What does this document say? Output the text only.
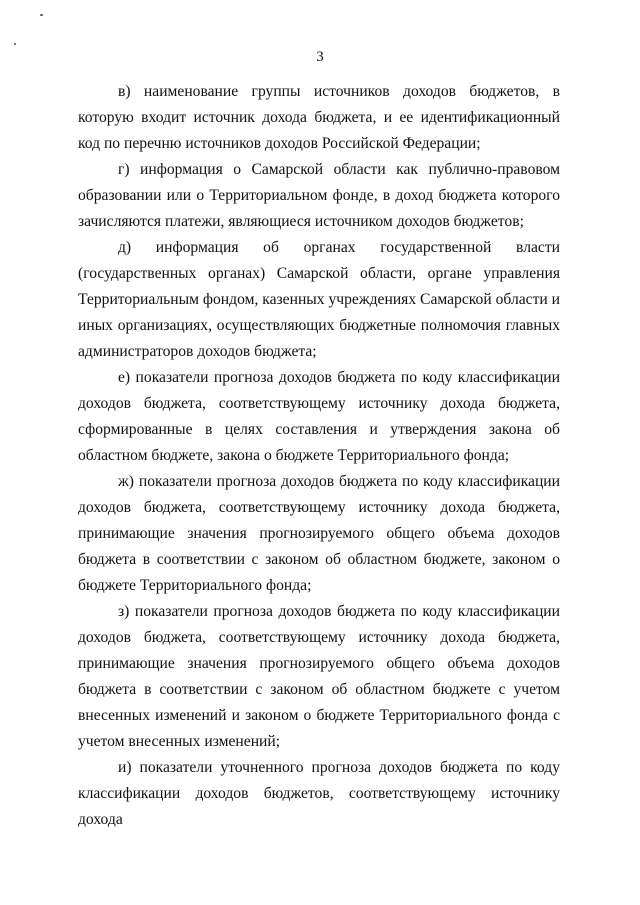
3

в) наименование группы источников доходов бюджетов, в которую входит источник дохода бюджета, и ее идентификационный код по перечню источников доходов Российской Федерации;

г) информация о Самарской области как публично-правовом образовании или о Территориальном фонде, в доход бюджета которого зачисляются платежи, являющиеся источником доходов бюджетов;

д) информация об органах государственной власти (государственных органах) Самарской области, органе управления Территориальным фондом, казенных учреждениях Самарской области и иных организациях, осуществляющих бюджетные полномочия главных администраторов доходов бюджета;

е) показатели прогноза доходов бюджета по коду классификации доходов бюджета, соответствующему источнику дохода бюджета, сформированные в целях составления и утверждения закона об областном бюджете, закона о бюджете Территориального фонда;

ж) показатели прогноза доходов бюджета по коду классификации доходов бюджета, соответствующему источнику дохода бюджета, принимающие значения прогнозируемого общего объема доходов бюджета в соответствии с законом об областном бюджете, законом о бюджете Территориального фонда;

з) показатели прогноза доходов бюджета по коду классификации доходов бюджета, соответствующему источнику дохода бюджета, принимающие значения прогнозируемого общего объема доходов бюджета в соответствии с законом об областном бюджете с учетом внесенных изменений и законом о бюджете Территориального фонда с учетом внесенных изменений;

и) показатели уточненного прогноза доходов бюджета по коду классификации доходов бюджетов, соответствующему источнику дохода
